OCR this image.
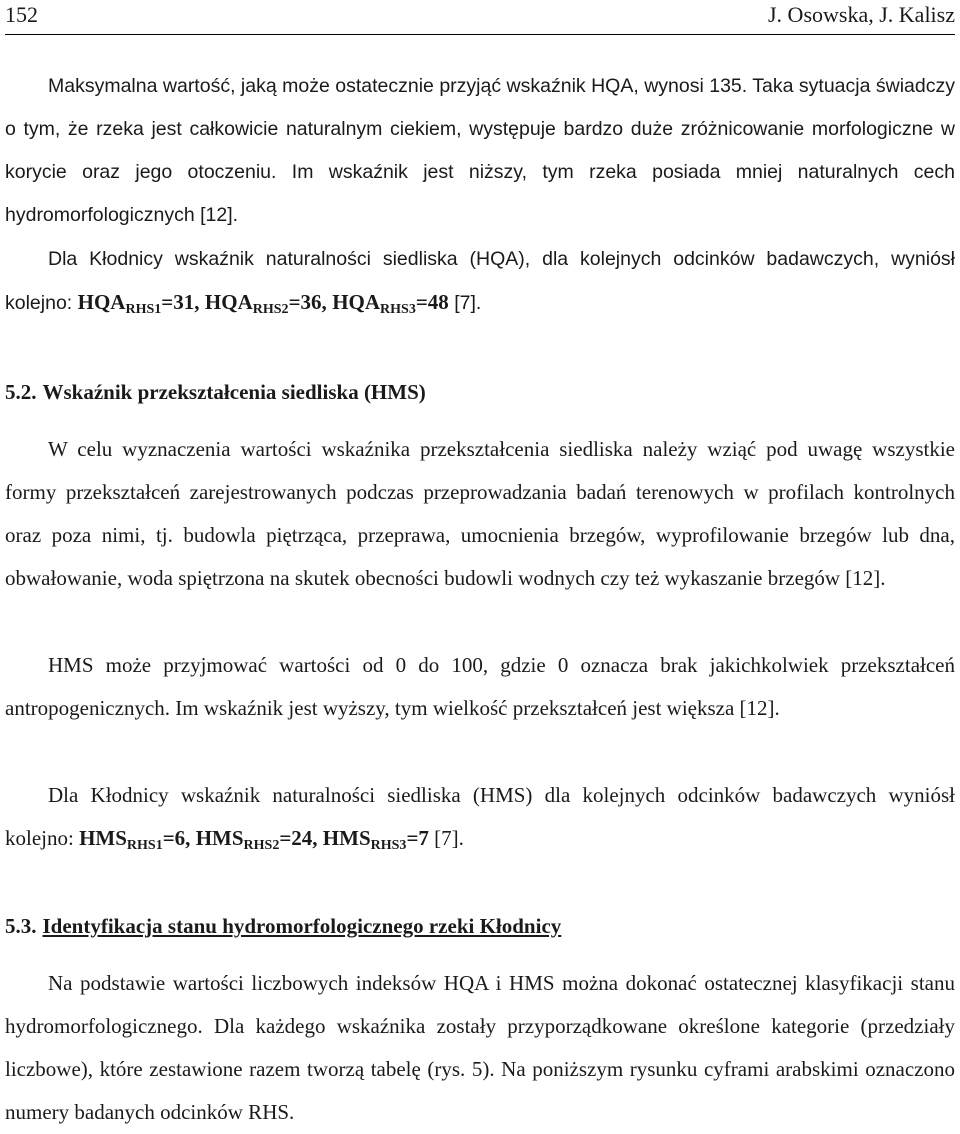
152	J. Osowska, J. Kalisz
Maksymalna wartość, jaką może ostatecznie przyjąć wskaźnik HQA, wynosi 135. Taka sytuacja świadczy o tym, że rzeka jest całkowicie naturalnym ciekiem, występuje bardzo duże zróżnicowanie morfologiczne w korycie oraz jego otoczeniu. Im wskaźnik jest niższy, tym rzeka posiada mniej naturalnych cech hydromorfologicznych [12].
Dla Kłodnicy wskaźnik naturalności siedliska (HQA), dla kolejnych odcinków badawczych, wyniósł kolejno: $HQA_{RHS1}=31$, $HQA_{RHS2}=36$, $HQA_{RHS3}=48$ [7].
5.2. Wskaźnik przekształcenia siedliska (HMS)
W celu wyznaczenia wartości wskaźnika przekształcenia siedliska należy wziąć pod uwagę wszystkie formy przekształceń zarejestrowanych podczas przeprowadzania badań terenowych w profilach kontrolnych oraz poza nimi, tj. budowla piętrząca, przeprawa, umocnienia brzegów, wyprofilowanie brzegów lub dna, obwałowanie, woda spiętrzona na skutek obecności budowli wodnych czy też wykaszanie brzegów [12].
HMS może przyjmować wartości od 0 do 100, gdzie 0 oznacza brak jakichkolwiek przekształceń antropogenicznych. Im wskaźnik jest wyższy, tym wielkość przekształceń jest większa [12].
Dla Kłodnicy wskaźnik naturalności siedliska (HMS) dla kolejnych odcinków badawczych wyniósł kolejno: $HMS_{RHS1}=6$, $HMS_{RHS2}=24$, $HMS_{RHS3}=7$ [7].
5.3. Identyfikacja stanu hydromorfologicznego rzeki Kłodnicy
Na podstawie wartości liczbowych indeksów HQA i HMS można dokonać ostatecznej klasyfikacji stanu hydromorfologicznego. Dla każdego wskaźnika zostały przyporządkowane określone kategorie (przedziały liczbowe), które zestawione razem tworzą tabelę (rys. 5). Na poniższym rysunku cyframi arabskimi oznaczono numery badanych odcinków RHS.
